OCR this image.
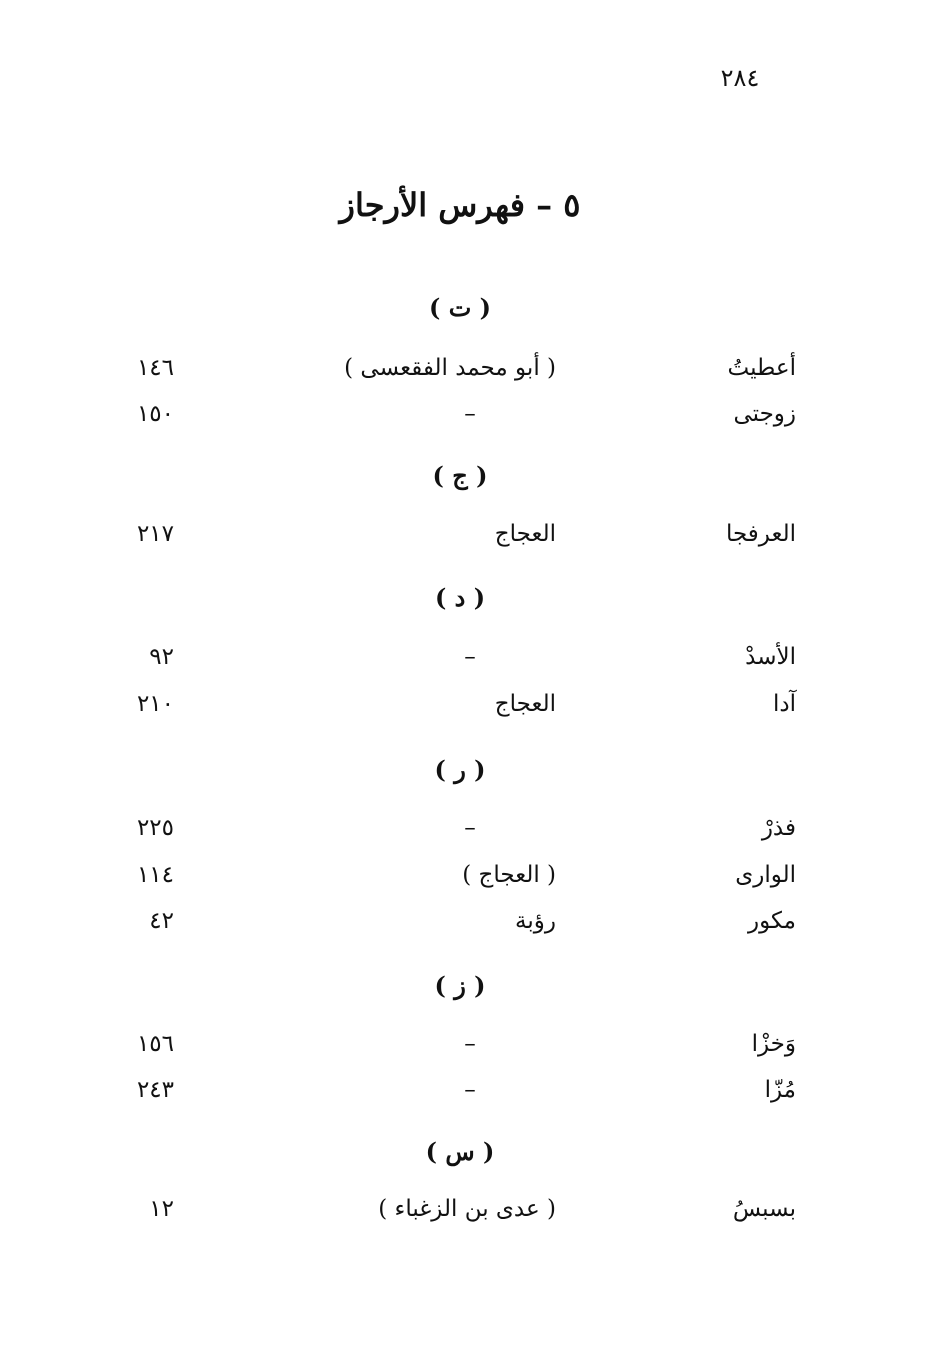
٢٨٤
٥ – فهرس الأرجاز
( ت )
أعطيتُ
( أبو محمد الفقعسى )
١٤٦
زوجتى
–
١٥٠
( ج )
العرفجا
العجاج
٢١٧
( د )
الأسدْ
–
٩٢
آدا
العجاج
٢١٠
( ر )
فذرْ
–
٢٢٥
الوارى
( العجاج )
١١٤
مكور
رؤبة
٤٢
( ز )
وَخزْا
–
١٥٦
مُزّا
–
٢٤٣
( س )
بسبسُ
( عدى بن الزغباء )
١٢
